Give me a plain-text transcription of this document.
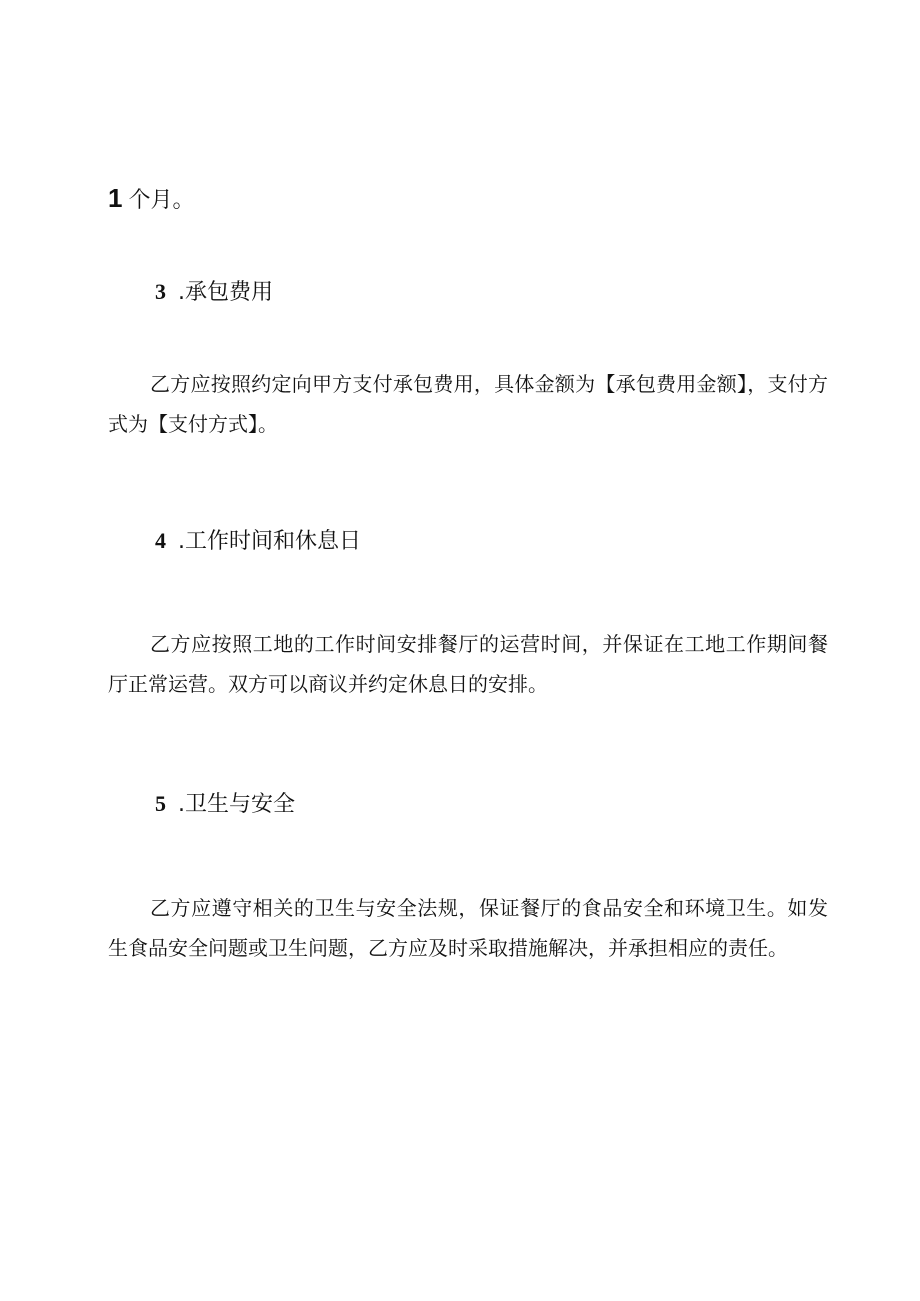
1 个月。
3 .承包费用

乙方应按照约定向甲方支付承包费用，具体金额为【承包费用金额】，支付方式为【支付方式】。

4 .工作时间和休息日

乙方应按照工地的工作时间安排餐厅的运营时间，并保证在工地工作期间餐厅正常运营。双方可以商议并约定休息日的安排。

5 .卫生与安全

乙方应遵守相关的卫生与安全法规，保证餐厅的食品安全和环境卫生。如发生食品安全问题或卫生问题，乙方应及时采取措施解决，并承担相应的责任。
